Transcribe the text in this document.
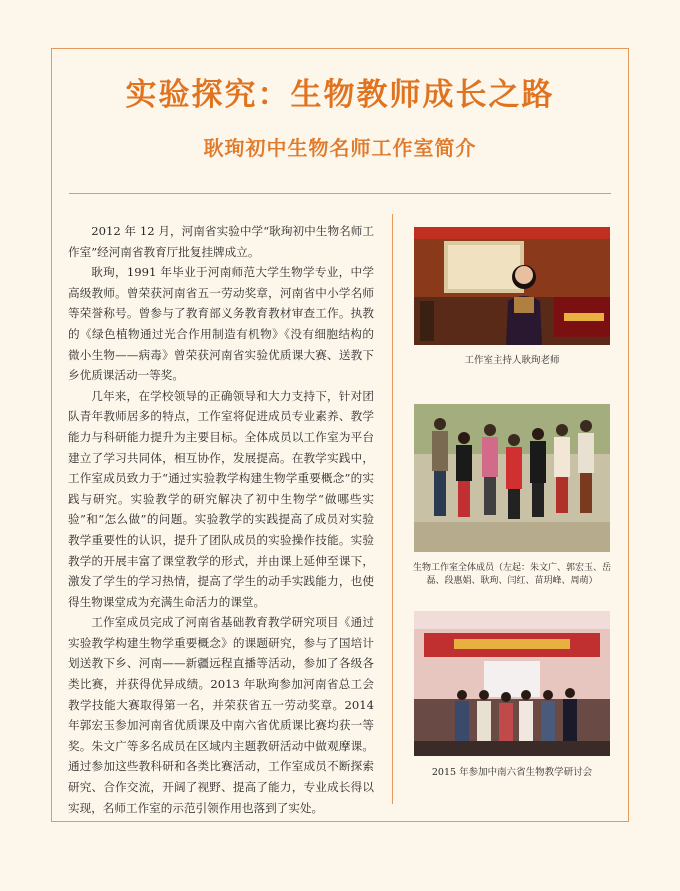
实验探究：生物教师成长之路
耿珣初中生物名师工作室简介

2012 年 12 月，河南省实验中学“耿珣初中生物名师工作室”经河南省教育厅批复挂牌成立。

耿珣，1991 年毕业于河南师范大学生物学专业，中学高级教师。曾荣获河南省五一劳动奖章，河南省中小学名师等荣誉称号。曾参与了教育部义务教育教材审查工作。执教的《绿色植物通过光合作用制造有机物》《没有细胞结构的微小生物——病毒》曾荣获河南省实验优质课大赛、送教下乡优质课活动一等奖。

几年来，在学校领导的正确领导和大力支持下，针对团队青年教师居多的特点，工作室将促进成员专业素养、教学能力与科研能力提升为主要目标。全体成员以工作室为平台建立了学习共同体，相互协作，发展提高。在教学实践中，工作室成员致力于“通过实验教学构建生物学重要概念”的实践与研究。实验教学的研究解决了初中生物学“做哪些实验”和“怎么做”的问题。实验教学的实践提高了成员对实验教学重要性的认识，提升了团队成员的实验操作技能。实验教学的开展丰富了课堂教学的形式，并由课上延伸至课下，激发了学生的学习热情，提高了学生的动手实践能力，也使得生物课堂成为充满生命活力的课堂。

工作室成员完成了河南省基础教育教学研究项目《通过实验教学构建生物学重要概念》的课题研究，参与了国培计划送教下乡、河南——新疆远程直播等活动，参加了各级各类比赛，并获得优异成绩。2013 年耿珣参加河南省总工会教学技能大赛取得第一名，并荣获省五一劳动奖章。2014 年郭宏玉参加河南省优质课及中南六省优质课比赛均获一等奖。朱文广等多名成员在区域内主题教研活动中做观摩课。通过参加这些教科研和各类比赛活动，工作室成员不断探索研究、合作交流，开阔了视野、提高了能力，专业成长得以实现，名师工作室的示范引领作用也落到了实处。

工作室主持人耿珣老师
生物工作室全体成员（左起：朱文广、郭宏玉、岳磊、段惠娟、耿珣、闫红、苗玥峰、周萌）
2015 年参加中南六省生物教学研讨会
